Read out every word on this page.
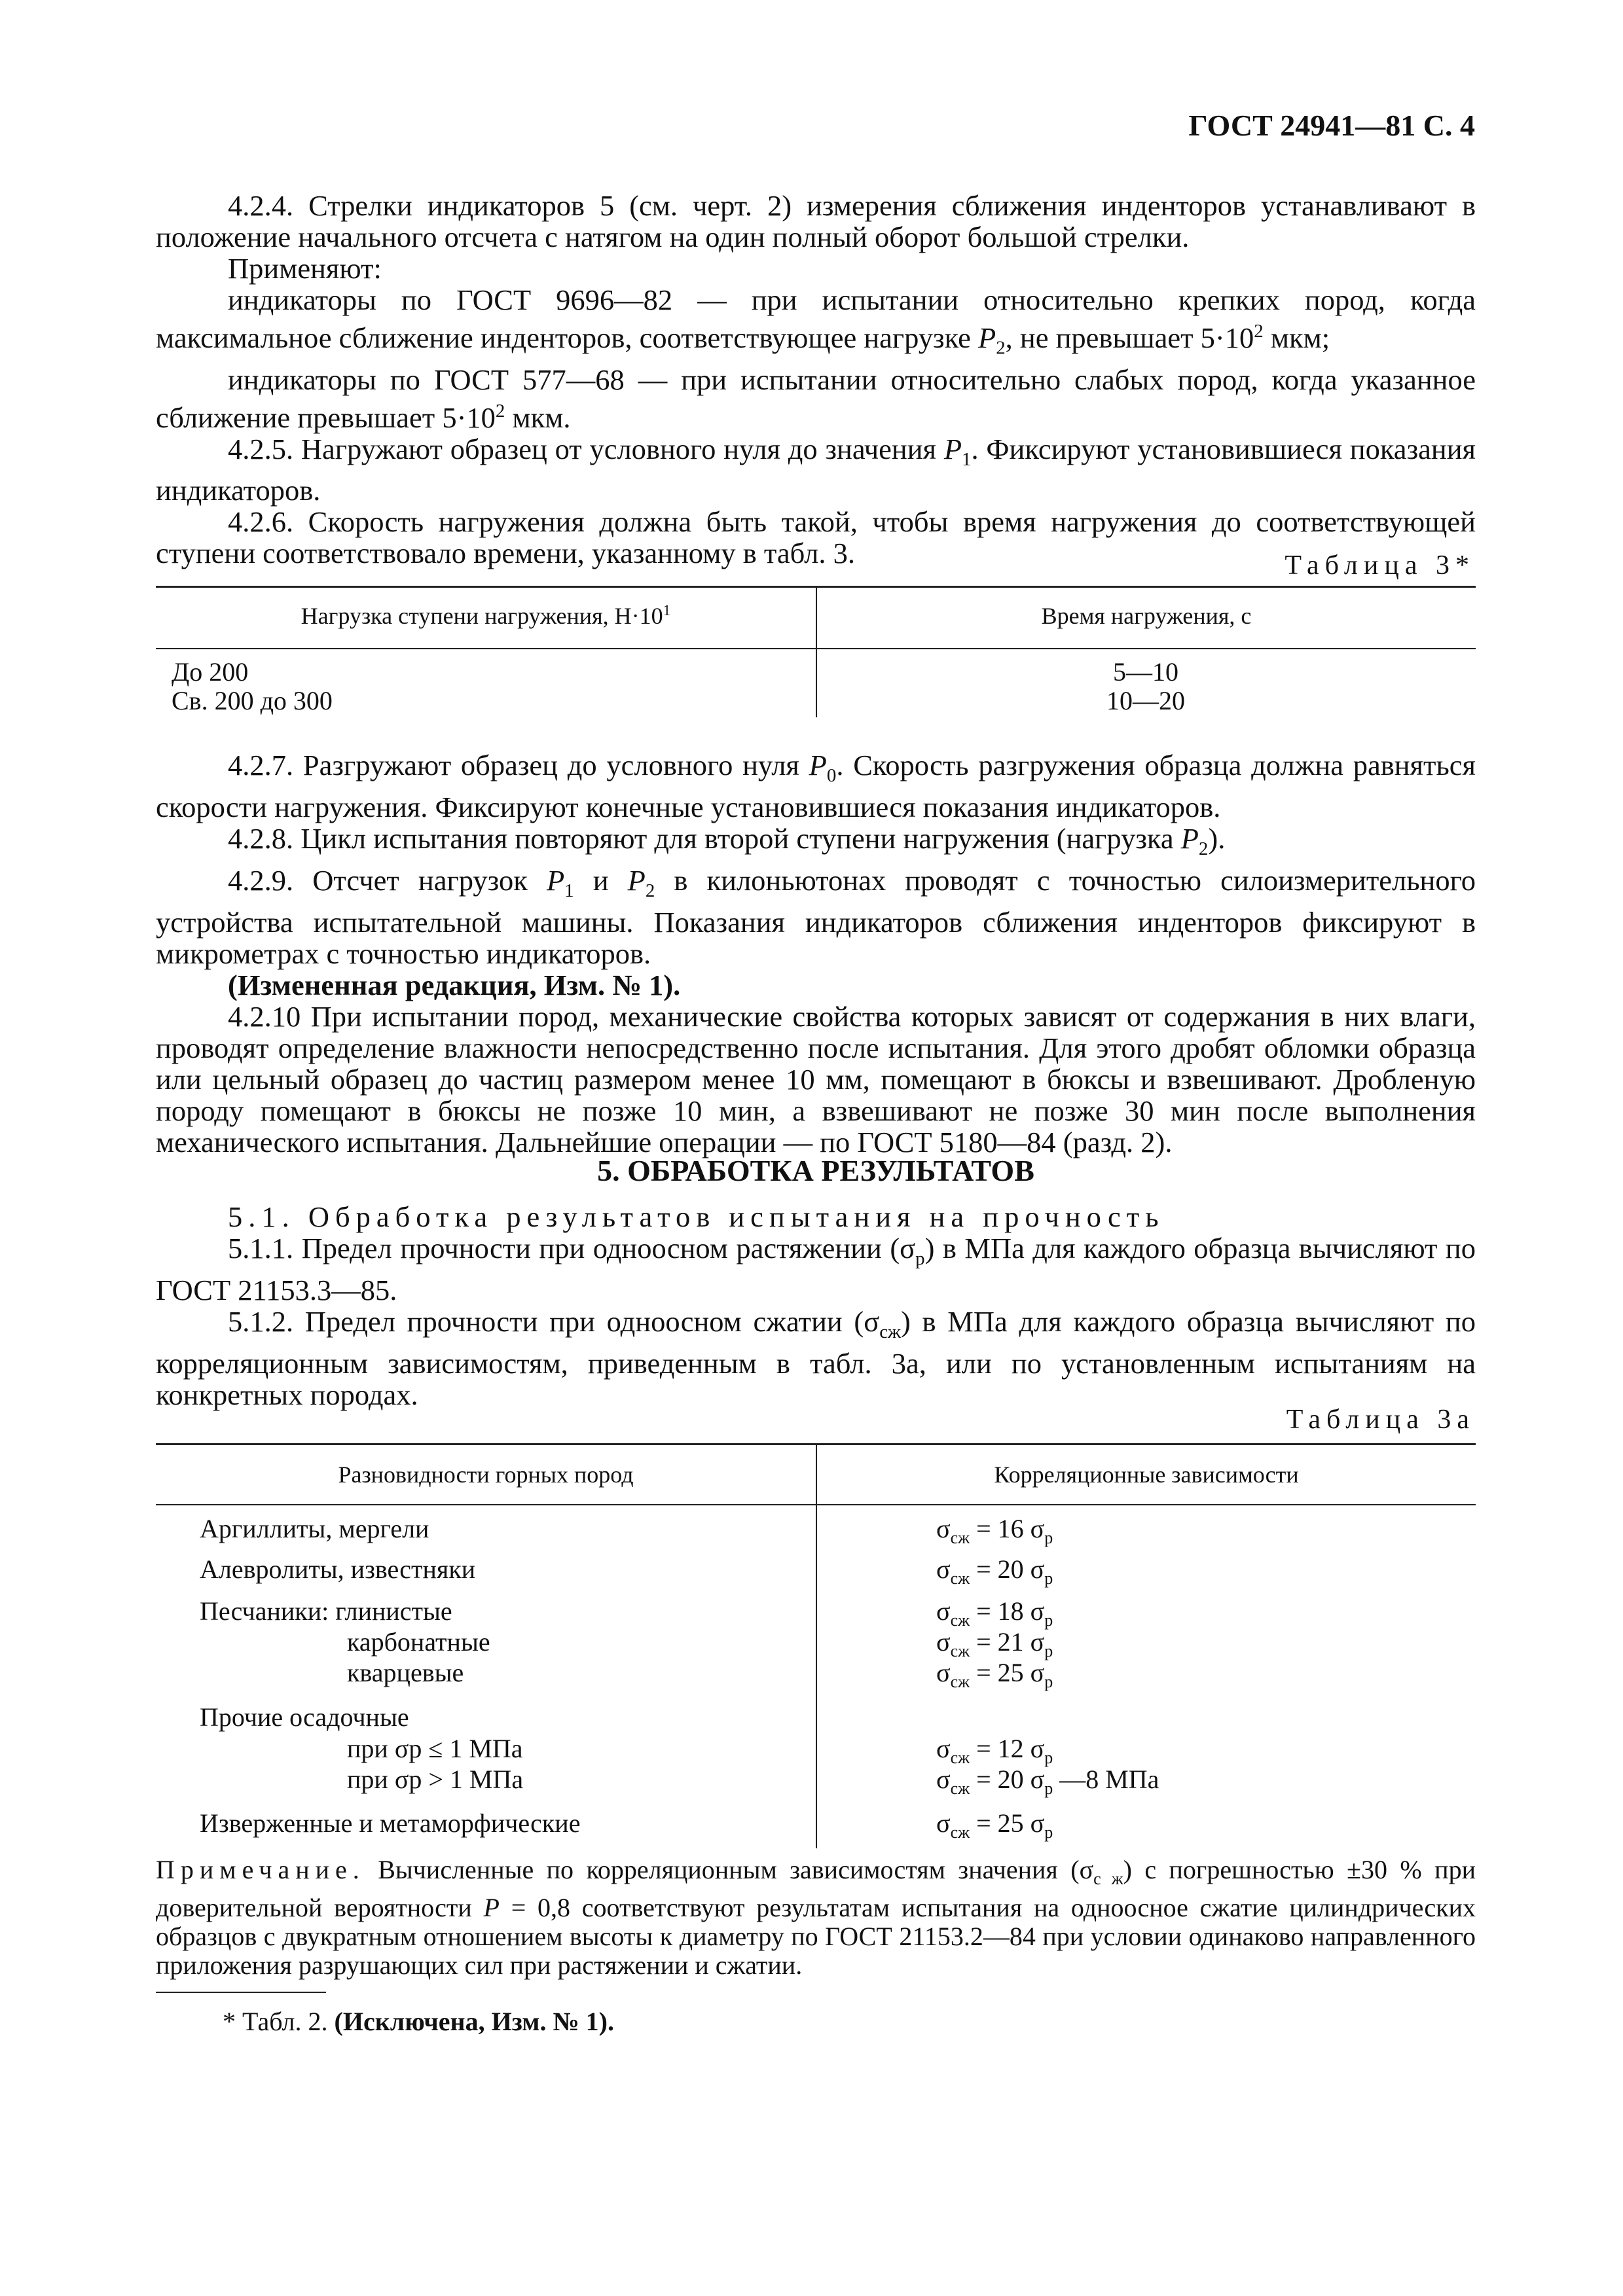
ГОСТ 24941—81 С. 4

4.2.4. Стрелки индикаторов 5 (см. черт. 2) измерения сближения инденторов устанавливают в положение начального отсчета с натягом на один полный оборот большой стрелки.

Применяют:

индикаторы по ГОСТ 9696—82 — при испытании относительно крепких пород, когда максимальное сближение инденторов, соответствующее нагрузке $P_2$, не превышает $5\cdot 10^2$ мкм;

индикаторы по ГОСТ 577—68 — при испытании относительно слабых пород, когда указанное сближение превышает $5\cdot 10^2$ мкм.

4.2.5. Нагружают образец от условного нуля до значения $P_1$. Фиксируют установившиеся показания индикаторов.

4.2.6. Скорость нагружения должна быть такой, чтобы время нагружения до соответствующей ступени соответствовало времени, указанному в табл. 3.	Таблица 3*
Нагрузка ступени нагружения, $Н\cdot 10^1$	Время нагружения, с
До 200	5—10
Св. 200 до 300	10—20

4.2.7. Разгружают образец до условного нуля $P_0$. Скорость разгружения образца должна равняться скорости нагружения. Фиксируют конечные установившиеся показания индикаторов.

4.2.8. Цикл испытания повторяют для второй ступени нагружения (нагрузка $P_2$).

4.2.9. Отсчет нагрузок $P_1$ и $P_2$ в килоньютонах проводят с точностью силоизмерительного устройства испытательной машины. Показания индикаторов сближения инденторов фиксируют в микрометрах с точностью индикаторов.

(Измененная редакция, Изм. № 1).

4.2.10 При испытании пород, механические свойства которых зависят от содержания в них влаги, проводят определение влажности непосредственно после испытания. Для этого дробят обломки образца или цельный образец до частиц размером менее 10 мм, помещают в бюксы и взвешивают. Дробленую породу помещают в бюксы не позже 10 мин, а взвешивают не позже 30 мин после выполнения механического испытания. Дальнейшие операции — по ГОСТ 5180—84 (разд. 2).

5. ОБРАБОТКА РЕЗУЛЬТАТОВ

5.1. Обработка результатов испытания на прочность

5.1.1. Предел прочности при одноосном растяжении $(\sigma_р)$ в МПа для каждого образца вычисляют по ГОСТ 21153.3—85.

5.1.2. Предел прочности при одноосном сжатии $(\sigma_{сж})$ в МПа для каждого образца вычисляют по корреляционным зависимостям, приведенным в табл. 3а, или по установленным испытаниям на конкретных породах.

Таблица 3а
Разновидности горных пород	Корреляционные зависимости
Аргиллиты, мергели	$\sigma_{сж} = 16$ $\sigma_р$
Алевролиты, известняки	$\sigma_{сж} = 20$ $\sigma_р$
Песчаники: глинистые	$\sigma_{сж} = 18$ $\sigma_р$
карбонатные	$\sigma_{сж} = 21$ $\sigma_р$
кварцевые	$\sigma_{сж} = 25$ $\sigma_р$
Прочие осадочные
при σр ≤ 1 МПа	$\sigma_{сж} = 12$ $\sigma_р$
при σр > 1 МПа	$\sigma_{сж} = 20$ $\sigma_р$ —8 МПа
Изверженные и метаморфические	$\sigma_{сж} = 25$ $\sigma_р$

Примечание. Вычисленные по корреляционным зависимостям значения $(\sigma_{с ж})$ с погрешностью ±30 % при доверительной вероятности P = 0,8 соответствуют результатам испытания на одноосное сжатие цилиндрических образцов с двукратным отношением высоты к диаметру по ГОСТ 21153.2—84 при условии одинаково направленного приложения разрушающих сил при растяжении и сжатии.

* Табл. 2. (Исключена, Изм. № 1).
